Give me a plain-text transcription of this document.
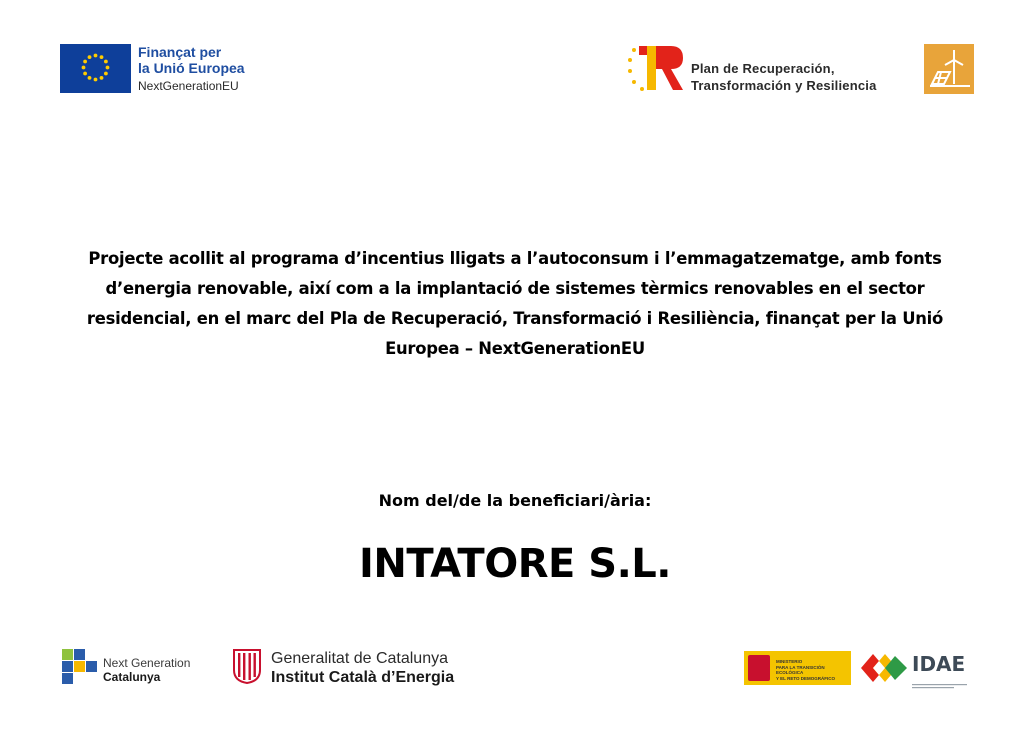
Finançat per
la Unió Europea
NextGenerationEU
Plan de Recuperación,
Transformación y Resiliencia
Projecte acollit al programa d’incentius lligats a l’autoconsum i l’emmagatzematge, amb fonts d’energia renovable, així com a la implantació de sistemes tèrmics renovables en el sector residencial, en el marc del Pla de Recuperació, Transformació i Resiliència, finançat per la Unió Europea – NextGenerationEU
Nom del/de la beneficiari/ària:
INTATORE S.L.
Next Generation
Catalunya
Generalitat de Catalunya
Institut Català d’Energia
MINISTERIO
PARA LA TRANSICIÓN ECOLÓGICA
Y EL RETO DEMOGRÁFICO
IDAE
